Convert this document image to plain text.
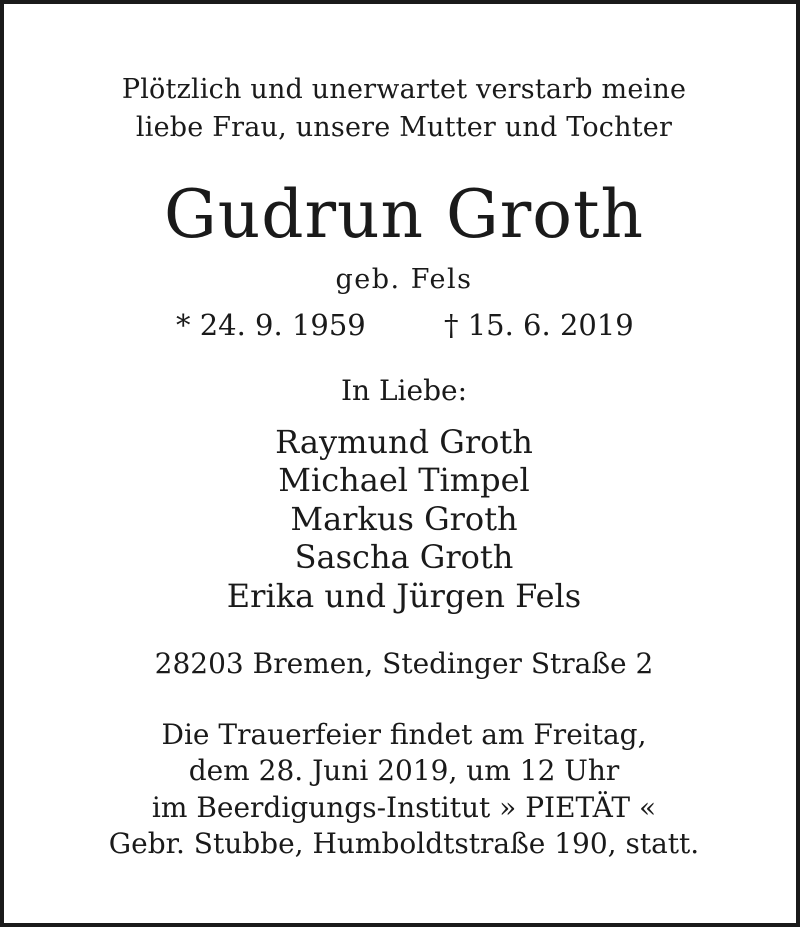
Plötzlich und unerwartet verstarb meine
liebe Frau, unsere Mutter und Tochter
Gudrun Groth
geb. Fels
* 24. 9. 1959	† 15. 6. 2019
In Liebe:
Raymund Groth
Michael Timpel
Markus Groth
Sascha Groth
Erika und Jürgen Fels
28203 Bremen, Stedinger Straße 2
Die Trauerfeier findet am Freitag,
dem 28. Juni 2019, um 12 Uhr
im Beerdigungs-Institut » PIETÄT «
Gebr. Stubbe, Humboldtstraße 190, statt.
